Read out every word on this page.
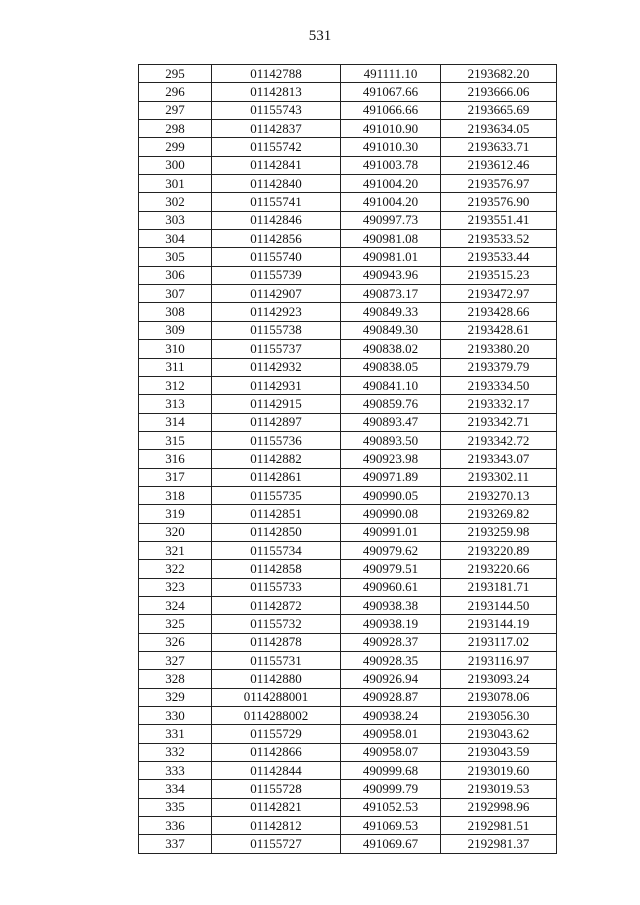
531
295	01142788	491111.10	2193682.20
296	01142813	491067.66	2193666.06
297	01155743	491066.66	2193665.69
298	01142837	491010.90	2193634.05
299	01155742	491010.30	2193633.71
300	01142841	491003.78	2193612.46
301	01142840	491004.20	2193576.97
302	01155741	491004.20	2193576.90
303	01142846	490997.73	2193551.41
304	01142856	490981.08	2193533.52
305	01155740	490981.01	2193533.44
306	01155739	490943.96	2193515.23
307	01142907	490873.17	2193472.97
308	01142923	490849.33	2193428.66
309	01155738	490849.30	2193428.61
310	01155737	490838.02	2193380.20
311	01142932	490838.05	2193379.79
312	01142931	490841.10	2193334.50
313	01142915	490859.76	2193332.17
314	01142897	490893.47	2193342.71
315	01155736	490893.50	2193342.72
316	01142882	490923.98	2193343.07
317	01142861	490971.89	2193302.11
318	01155735	490990.05	2193270.13
319	01142851	490990.08	2193269.82
320	01142850	490991.01	2193259.98
321	01155734	490979.62	2193220.89
322	01142858	490979.51	2193220.66
323	01155733	490960.61	2193181.71
324	01142872	490938.38	2193144.50
325	01155732	490938.19	2193144.19
326	01142878	490928.37	2193117.02
327	01155731	490928.35	2193116.97
328	01142880	490926.94	2193093.24
329	0114288001	490928.87	2193078.06
330	0114288002	490938.24	2193056.30
331	01155729	490958.01	2193043.62
332	01142866	490958.07	2193043.59
333	01142844	490999.68	2193019.60
334	01155728	490999.79	2193019.53
335	01142821	491052.53	2192998.96
336	01142812	491069.53	2192981.51
337	01155727	491069.67	2192981.37
